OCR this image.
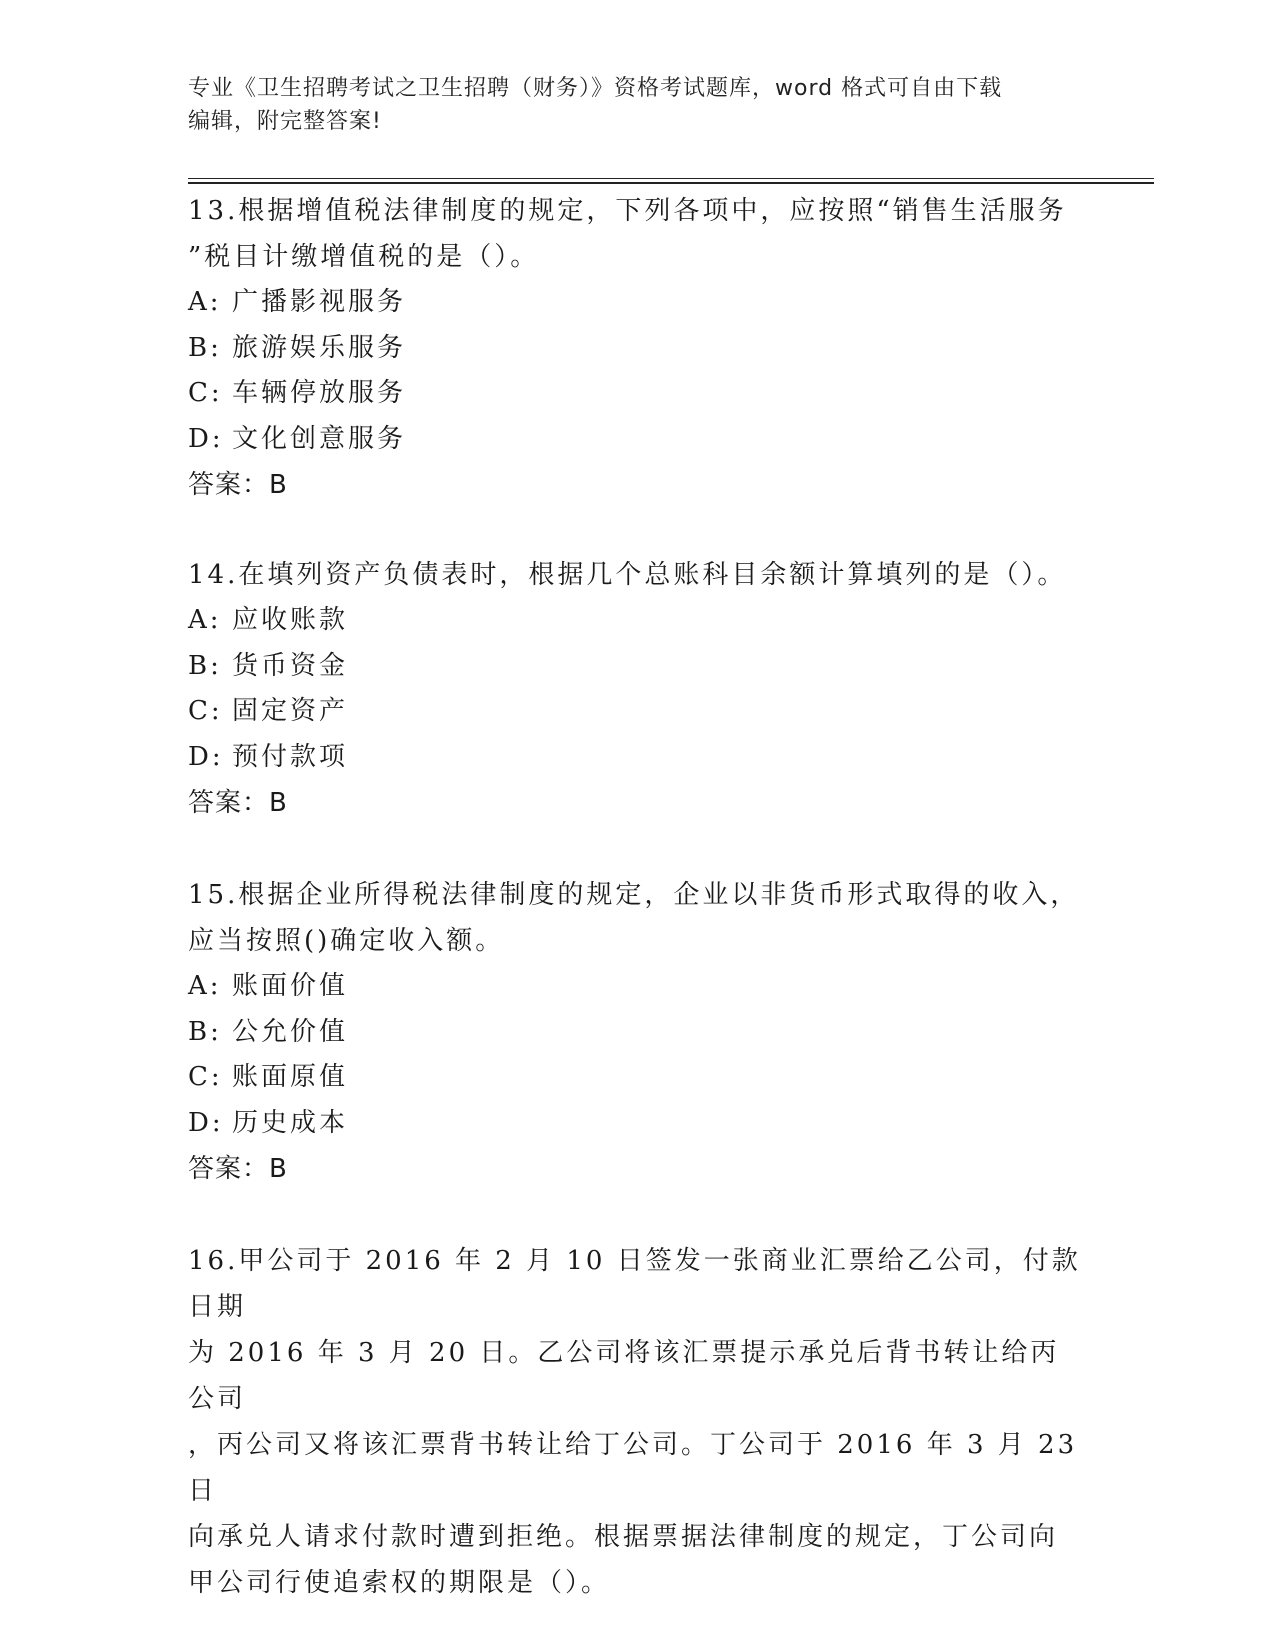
专业《卫生招聘考试之卫生招聘（财务）》资格考试题库，word 格式可自由下载
编辑，附完整答案!

13.根据增值税法律制度的规定，下列各项中，应按照“销售生活服务

”税目计缴增值税的是（）。

A: 广播影视服务

B: 旅游娱乐服务

C: 车辆停放服务

D: 文化创意服务

答案：B

14.在填列资产负债表时，根据几个总账科目余额计算填列的是（）。

A: 应收账款

B: 货币资金

C: 固定资产

D: 预付款项

答案：B

15.根据企业所得税法律制度的规定，企业以非货币形式取得的收入，

应当按照()确定收入额。

A: 账面价值

B: 公允价值

C: 账面原值

D: 历史成本

答案：B

16.甲公司于 2016 年 2 月 10 日签发一张商业汇票给乙公司，付款日期

为 2016 年 3 月 20 日。乙公司将该汇票提示承兑后背书转让给丙公司

，丙公司又将该汇票背书转让给丁公司。丁公司于 2016 年 3 月 23 日

向承兑人请求付款时遭到拒绝。根据票据法律制度的规定，丁公司向

甲公司行使追索权的期限是（）。
